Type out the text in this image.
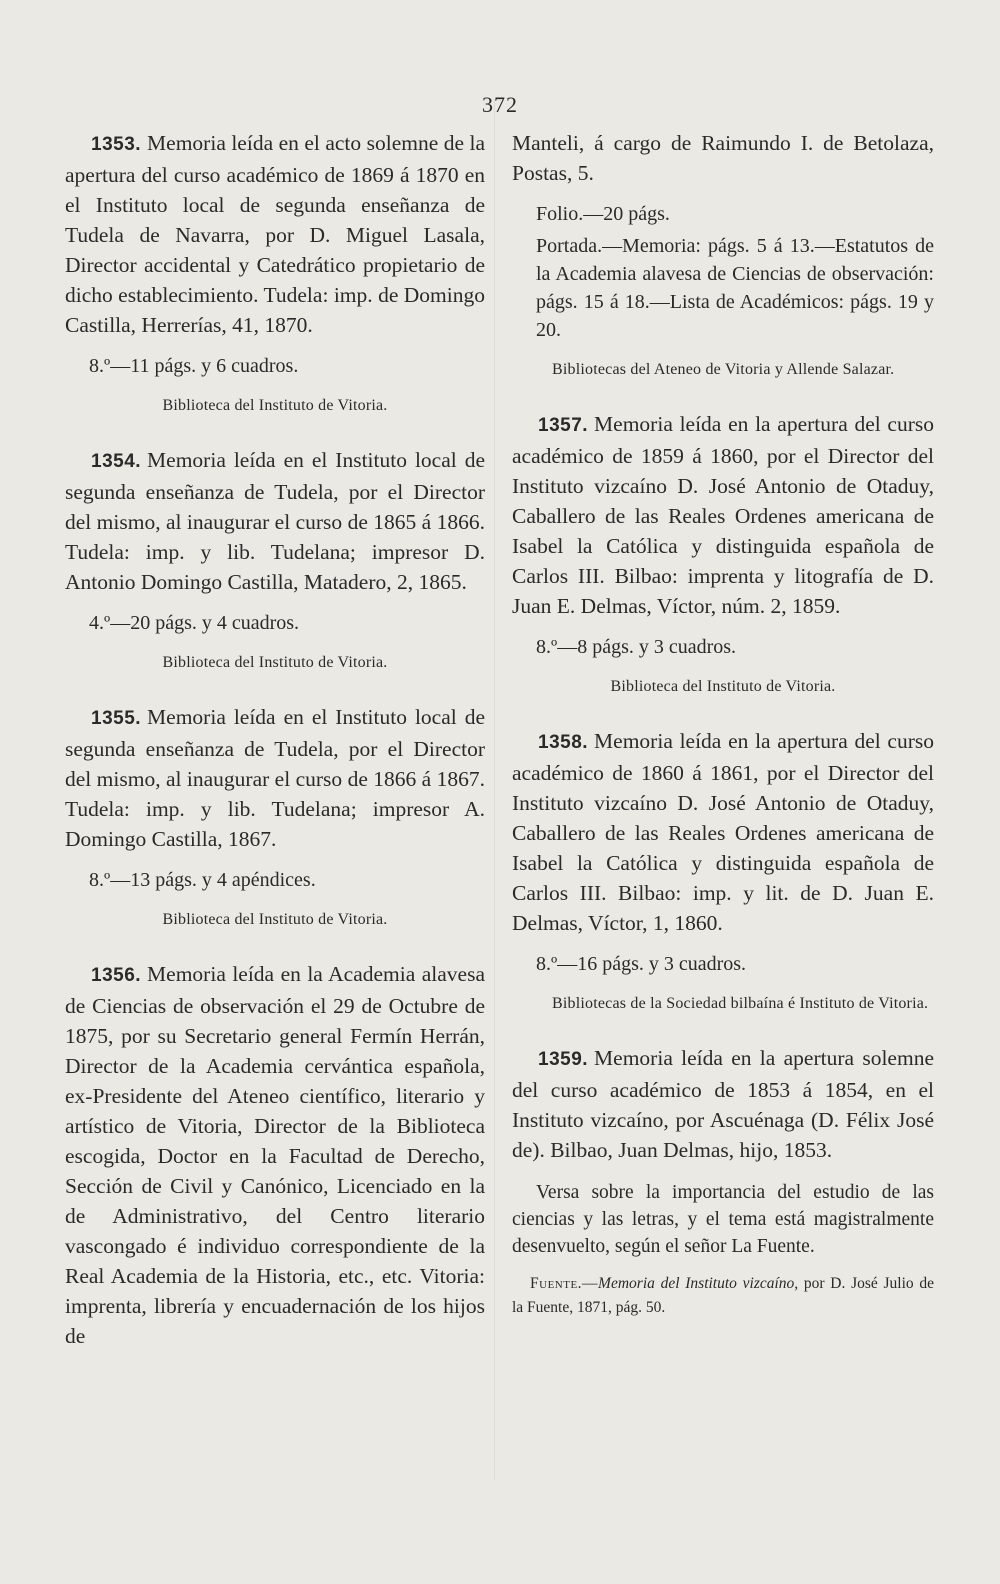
372

1353. Memoria leída en el acto solemne de la apertura del curso académico de 1869 á 1870 en el Instituto local de segunda enseñanza de Tudela de Navarra, por D. Miguel Lasala, Director accidental y Catedrático propietario de dicho establecimiento. Tudela: imp. de Domingo Castilla, Herrerías, 41, 1870.

8.º—11 págs. y 6 cuadros.

Biblioteca del Instituto de Vitoria.

1354. Memoria leída en el Instituto local de segunda enseñanza de Tudela, por el Director del mismo, al inaugurar el curso de 1865 á 1866. Tudela: imp. y lib. Tudelana; impresor D. Antonio Domingo Castilla, Matadero, 2, 1865.

4.º—20 págs. y 4 cuadros.

Biblioteca del Instituto de Vitoria.

1355. Memoria leída en el Instituto local de segunda enseñanza de Tudela, por el Director del mismo, al inaugurar el curso de 1866 á 1867. Tudela: imp. y lib. Tudelana; impresor A. Domingo Castilla, 1867.

8.º—13 págs. y 4 apéndices.

Biblioteca del Instituto de Vitoria.

1356. Memoria leída en la Academia alavesa de Ciencias de observación el 29 de Octubre de 1875, por su Secretario general Fermín Herrán, Director de la Academia cervántica española, ex-Presidente del Ateneo científico, literario y artístico de Vitoria, Director de la Biblioteca escogida, Doctor en la Facultad de Derecho, Sección de Civil y Canónico, Licenciado en la de Administrativo, del Centro literario vascongado é individuo correspondiente de la Real Academia de la Historia, etc., etc. Vitoria: imprenta, librería y encuadernación de los hijos de

Manteli, á cargo de Raimundo I. de Betolaza, Postas, 5.

Folio.—20 págs.

Portada.—Memoria: págs. 5 á 13.—Estatutos de la Academia alavesa de Ciencias de observación: págs. 15 á 18.—Lista de Académicos: págs. 19 y 20.

Bibliotecas del Ateneo de Vitoria y Allende Salazar.

1357. Memoria leída en la apertura del curso académico de 1859 á 1860, por el Director del Instituto vizcaíno D. José Antonio de Otaduy, Caballero de las Reales Ordenes americana de Isabel la Católica y distinguida española de Carlos III. Bilbao: imprenta y litografía de D. Juan E. Delmas, Víctor, núm. 2, 1859.

8.º—8 págs. y 3 cuadros.

Biblioteca del Instituto de Vitoria.

1358. Memoria leída en la apertura del curso académico de 1860 á 1861, por el Director del Instituto vizcaíno D. José Antonio de Otaduy, Caballero de las Reales Ordenes americana de Isabel la Católica y distinguida española de Carlos III. Bilbao: imp. y lit. de D. Juan E. Delmas, Víctor, 1, 1860.

8.º—16 págs. y 3 cuadros.

Bibliotecas de la Sociedad bilbaína é Instituto de Vitoria.

1359. Memoria leída en la apertura solemne del curso académico de 1853 á 1854, en el Instituto vizcaíno, por Ascuénaga (D. Félix José de). Bilbao, Juan Delmas, hijo, 1853.

Versa sobre la importancia del estudio de las ciencias y las letras, y el tema está magistralmente desenvuelto, según el señor La Fuente.

Fuente.—Memoria del Instituto vizcaíno, por D. José Julio de la Fuente, 1871, pág. 50.
